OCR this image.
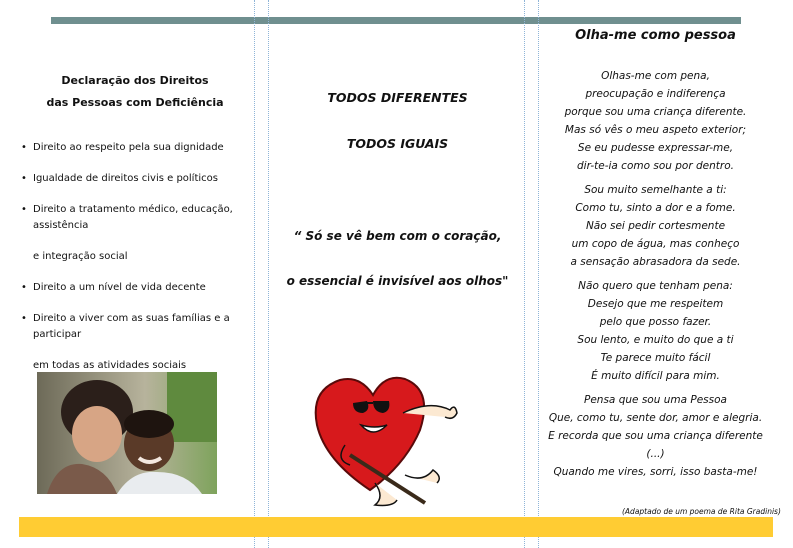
Declaração dos Direitos

das Pessoas com Deficiência

• Direito ao respeito pela sua dignidade
• Igualdade de direitos civis e políticos
• Direito a tratamento médico, educação, assistência
e integração social
• Direito a um nível de vida decente
• Direito a viver com as suas famílias e a participar
em todas as atividades sociais
TODOS DIFERENTES
TODOS IGUAIS
“ Só se vê bem com o coração,
o essencial é invisível aos olhos"

Olha-me como pessoa

Olhas-me com pena,
preocupação e indiferença
porque sou uma criança diferente.
Mas só vês o meu aspeto exterior;
Se eu pudesse expressar-me,
dir-te-ia como sou por dentro.
Sou muito semelhante a ti:
Como tu, sinto a dor e a fome.
Não sei pedir cortesmente
um copo de água, mas conheço
a sensação abrasadora da sede.
Não quero que tenham pena:
Desejo que me respeitem
pelo que posso fazer.
Sou lento, e muito do que a ti
Te parece muito fácil
É muito difícil para mim.
Pensa que sou uma Pessoa
Que, como tu, sente dor, amor e alegria.
E recorda que sou uma criança diferente
(...)
Quando me vires, sorri, isso basta-me!
(Adaptado de um poema de Rita Gradinis)
